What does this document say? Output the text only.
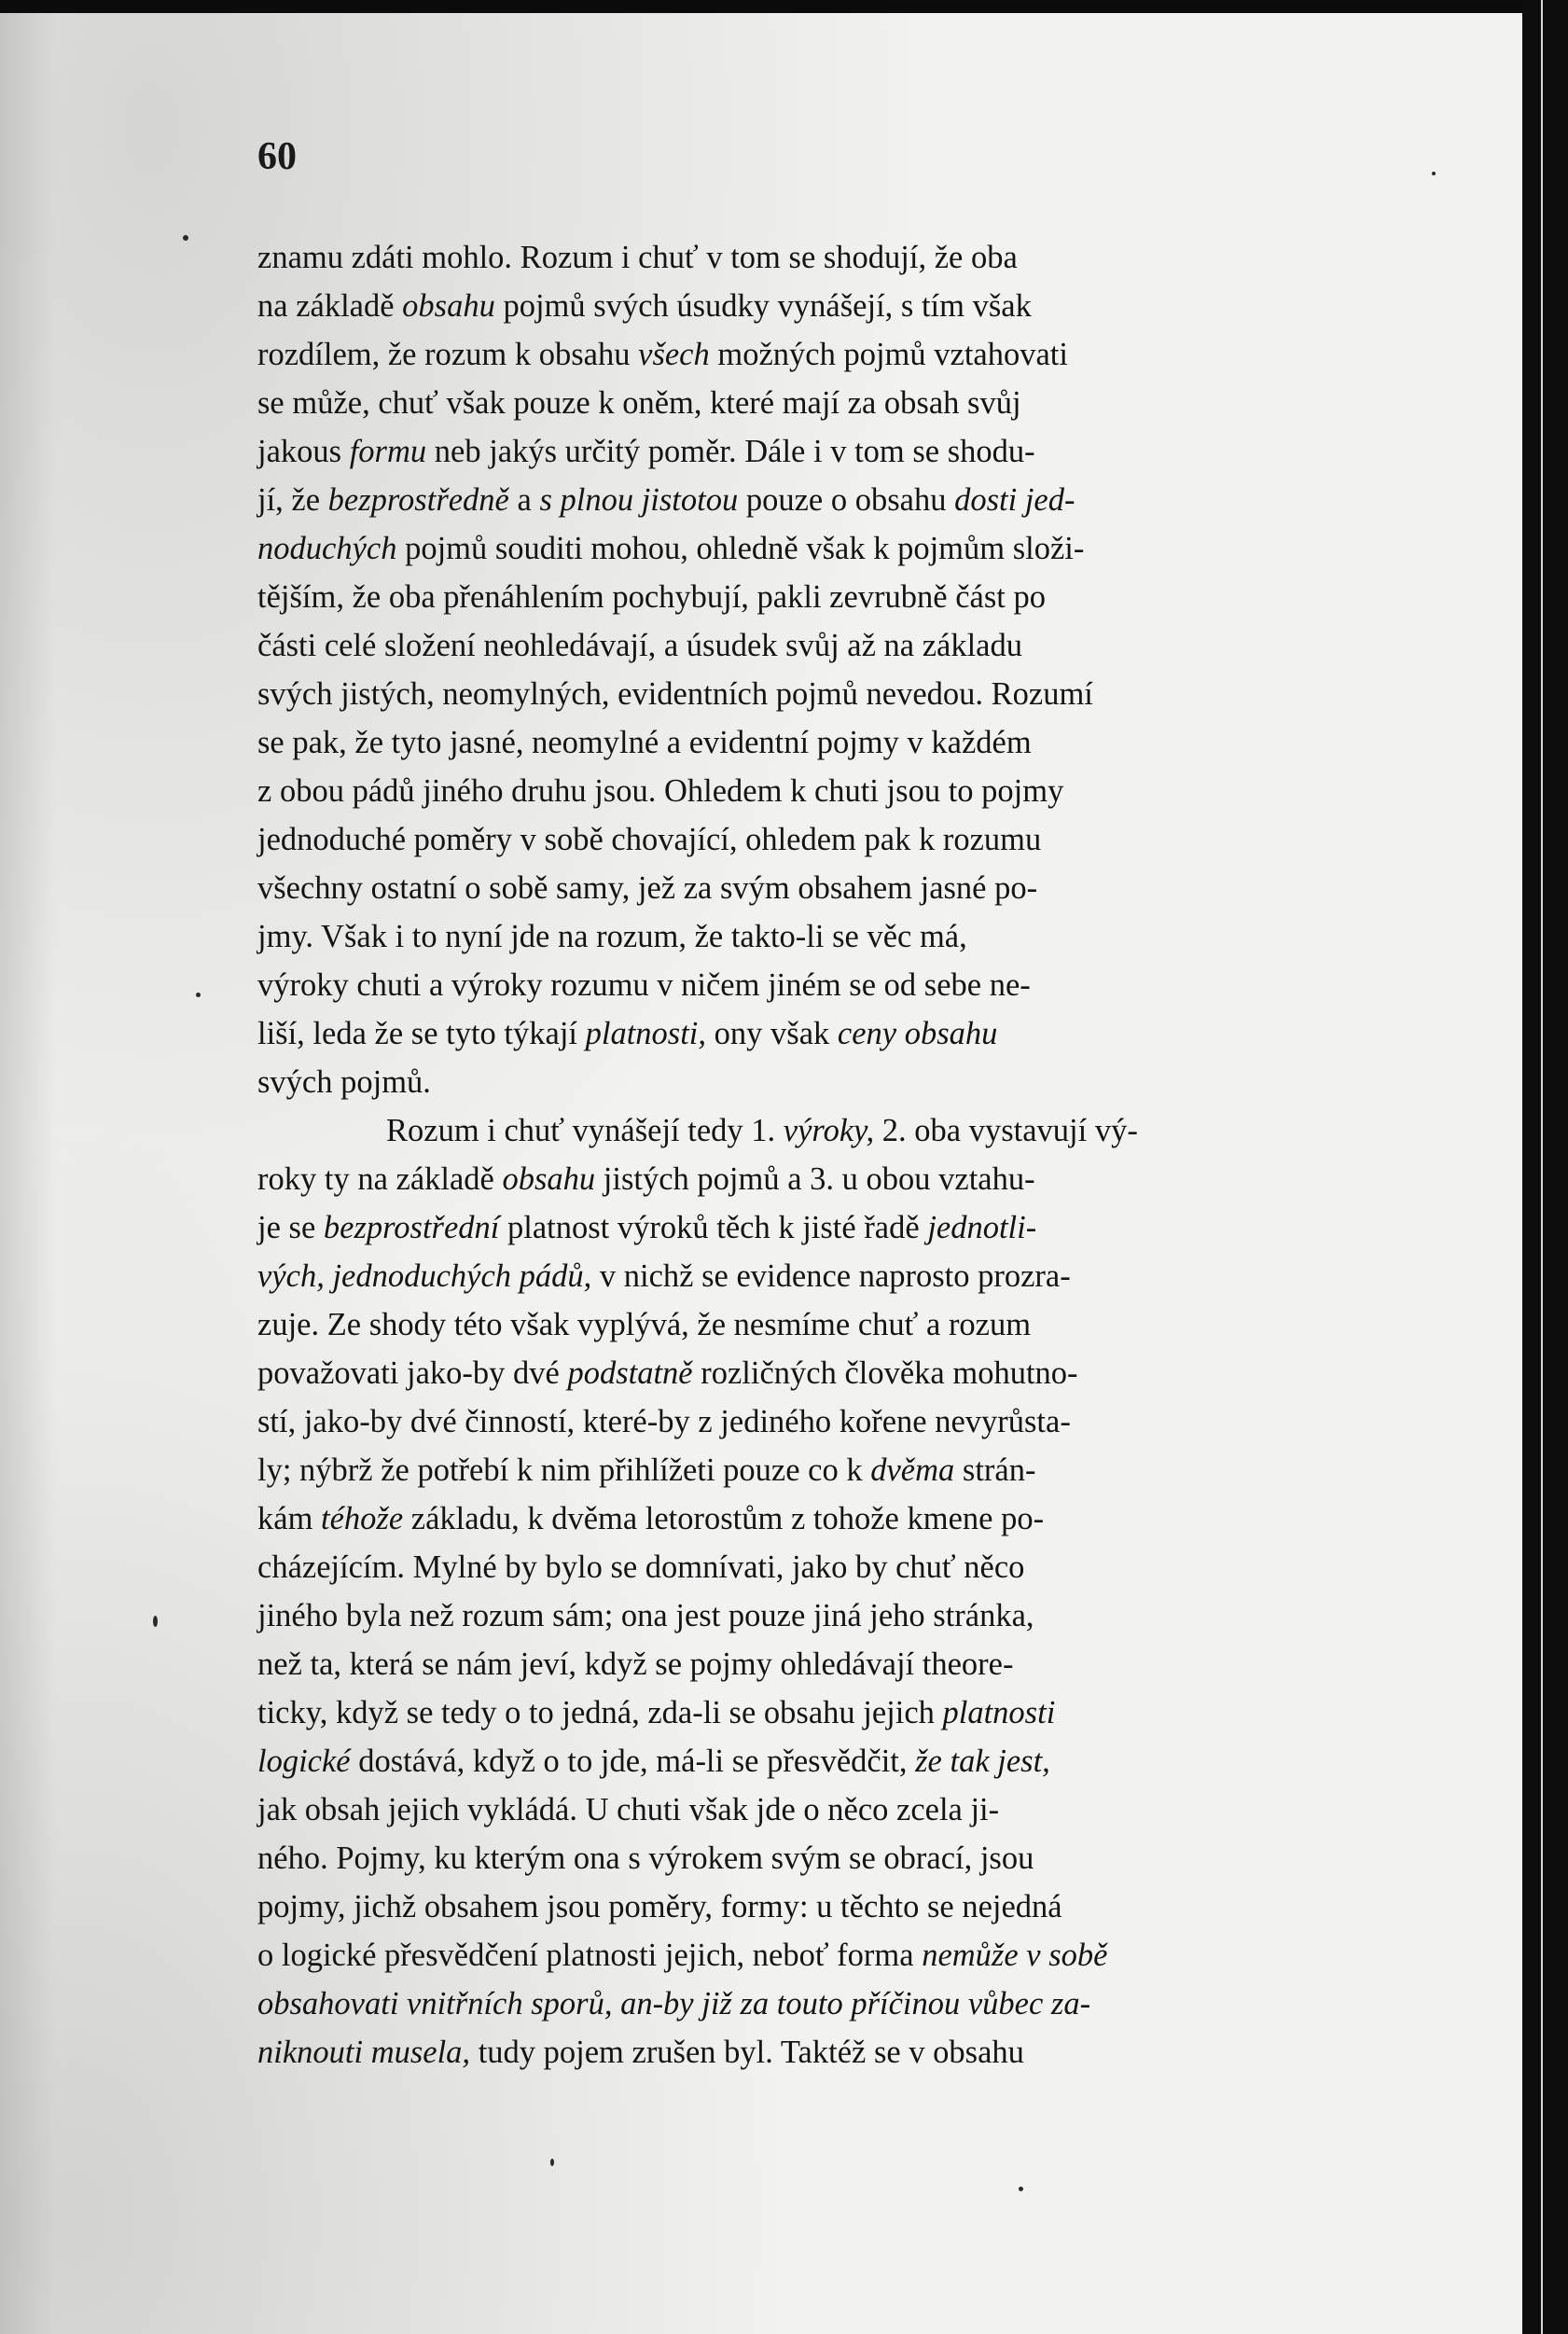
60
znamu zdáti mohlo. Rozum i chuť v tom se shodují, že oba
na základě obsahu pojmů svých úsudky vynášejí, s tím však
rozdílem, že rozum k obsahu všech možných pojmů vztahovati
se může, chuť však pouze k oněm, které mají za obsah svůj
jakous formu neb jakýs určitý poměr. Dále i v tom se shodu-
jí, že bezprostředně a s plnou jistotou pouze o obsahu dosti jed-
noduchých pojmů souditi mohou, ohledně však k pojmům složi-
tějším, že oba přenáhlením pochybují, pakli zevrubně část po
části celé složení neohledávají, a úsudek svůj až na základu
svých jistých, neomylných, evidentních pojmů nevedou. Rozumí
se pak, že tyto jasné, neomylné a evidentní pojmy v každém
z obou pádů jiného druhu jsou. Ohledem k chuti jsou to pojmy
jednoduché poměry v sobě chovající, ohledem pak k rozumu
všechny ostatní o sobě samy, jež za svým obsahem jasné po-
jmy. Však i to nyní jde na rozum, že takto-li se věc má,
výroky chuti a výroky rozumu v ničem jiném se od sebe ne-
liší, leda že se tyto týkají platnosti, ony však ceny obsahu
svých pojmů.
Rozum i chuť vynášejí tedy 1. výroky, 2. oba vystavují vý-
roky ty na základě obsahu jistých pojmů a 3. u obou vztahu-
je se bezprostřední platnost výroků těch k jisté řadě jednotli-
vých, jednoduchých pádů, v nichž se evidence naprosto prozra-
zuje. Ze shody této však vyplývá, že nesmíme chuť a rozum
považovati jako-by dvé podstatně rozličných člověka mohutno-
stí, jako-by dvé činností, které-by z jediného kořene nevyrůsta-
ly; nýbrž že potřebí k nim přihlížeti pouze co k dvěma strán-
kám téhože základu, k dvěma letorostům z tohože kmene po-
cházejícím. Mylné by bylo se domnívati, jako by chuť něco
jiného byla než rozum sám; ona jest pouze jiná jeho stránka,
než ta, která se nám jeví, když se pojmy ohledávají theore-
ticky, když se tedy o to jedná, zda-li se obsahu jejich platnosti
logické dostává, když o to jde, má-li se přesvědčit, že tak jest,
jak obsah jejich vykládá. U chuti však jde o něco zcela ji-
ného. Pojmy, ku kterým ona s výrokem svým se obrací, jsou
pojmy, jichž obsahem jsou poměry, formy: u těchto se nejedná
o logické přesvědčení platnosti jejich, neboť forma nemůže v sobě
obsahovati vnitřních sporů, an-by již za touto příčinou vůbec za-
niknouti musela, tudy pojem zrušen byl. Taktéž se v obsahu
